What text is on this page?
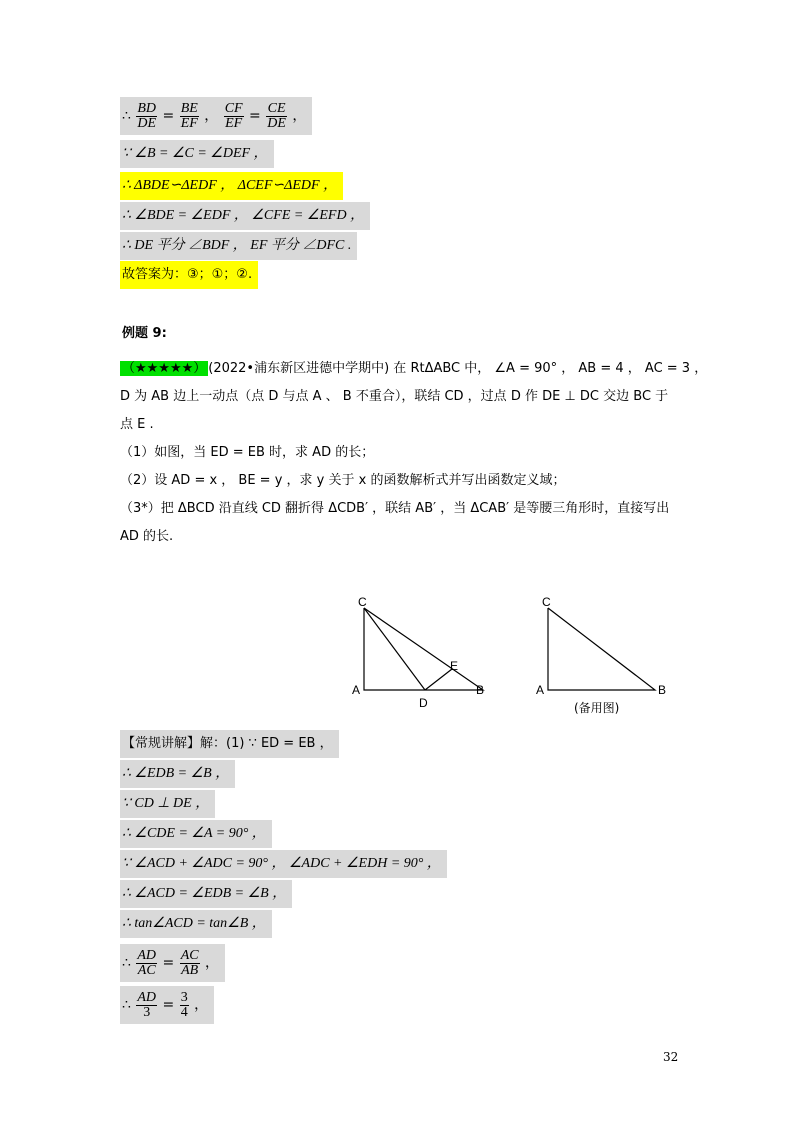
∴ $\frac{BD}{DE} = \frac{BE}{EF}$ ， $\frac{CF}{EF} = \frac{CE}{DE}$ ，
∵ ∠B = ∠C = ∠DEF ，
∴ ΔBDE∽ΔEDF ， ΔCEF∽ΔEDF ，
∴ ∠BDE = ∠EDF ， ∠CFE = ∠EFD ，
∴ DE 平分 ∠BDF ， EF 平分 ∠DFC .
故答案为：③；①；②.
例题 9:
（★★★★★） (2022•浦东新区进德中学期中) 在 RtΔABC 中， ∠A = 90° ， AB = 4 ， AC = 3 ，
D 为 AB 边上一动点（点 D 与点 A 、 B 不重合），联结 CD ，过点 D 作 DE ⊥ DC 交边 BC 于
点 E .
（1）如图，当 ED = EB 时，求 AD 的长；
（2）设 AD = x ， BE = y ，求 y 关于 x 的函数解析式并写出函数定义域；
（3*）把 ΔBCD 沿直线 CD 翻折得 ΔCDB′ ，联结 AB′ ，当 ΔCAB′ 是等腰三角形时，直接写出
AD 的长.
C
A
D
E
B
C
A	B
(备用图)
【常规讲解】解：(1) ∵ ED = EB ，
∴ ∠EDB = ∠B ，
∵ CD ⊥ DE ，
∴ ∠CDE = ∠A = 90° ，
∵ ∠ACD + ∠ADC = 90° ， ∠ADC + ∠EDH = 90° ，
∴ ∠ACD = ∠EDB = ∠B ，
∴ tan∠ACD = tan∠B ，
∴ $\frac{AD}{AC} = \frac{AC}{AB}$ ，
∴ $\frac{AD}{3} = \frac{3}{4}$ ，
32
